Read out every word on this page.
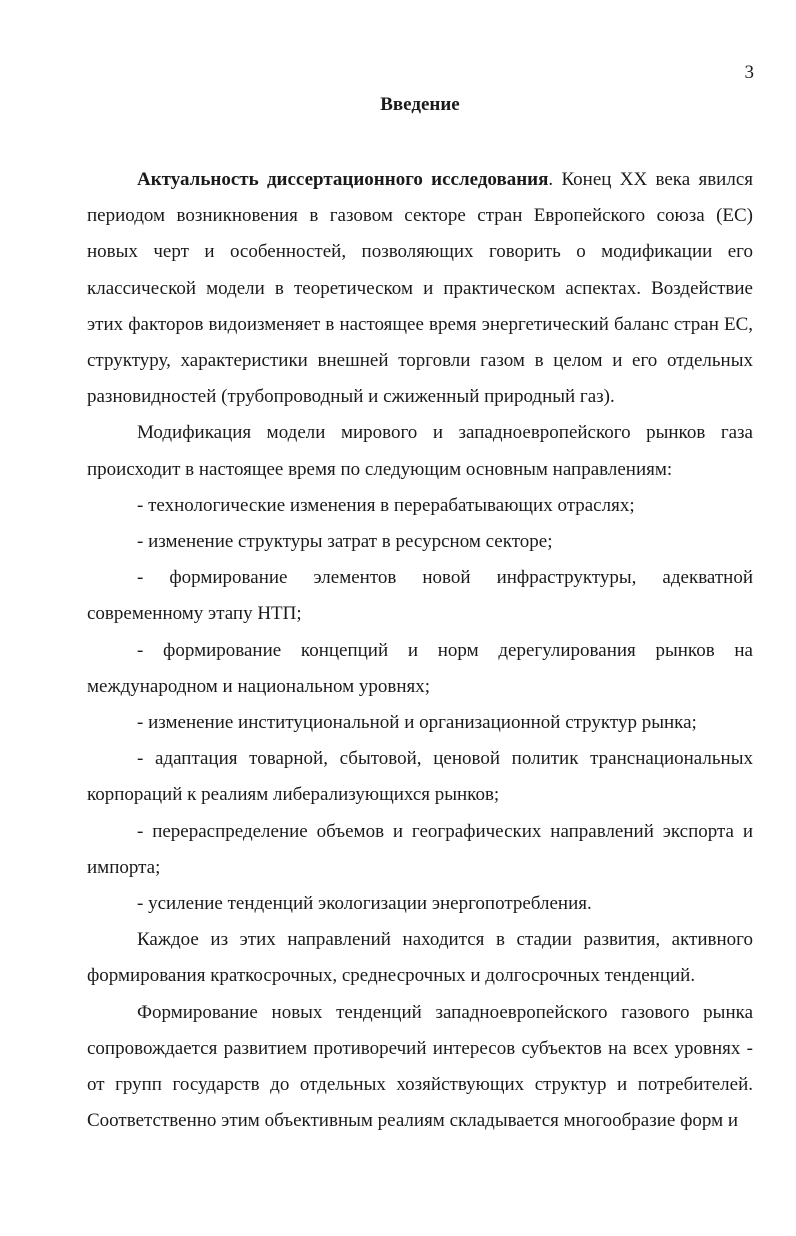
3
Введение

Актуальность диссертационного исследования. Конец XX века явился периодом возникновения в газовом секторе стран Европейского союза (ЕС) новых черт и особенностей, позволяющих говорить о модификации его классической модели в теоретическом и практическом аспектах. Воздействие этих факторов видоизменяет в настоящее время энергетический баланс стран ЕС, структуру, характеристики внешней торговли газом в целом и его отдельных разновидностей (трубопроводный и сжиженный природный газ).

Модификация модели мирового и западноевропейского рынков газа происходит в настоящее время по следующим основным направлениям:

- технологические изменения в перерабатывающих отраслях;

- изменение структуры затрат в ресурсном секторе;

- формирование элементов новой инфраструктуры, адекватной современному этапу НТП;

- формирование концепций и норм дерегулирования рынков на международном и национальном уровнях;

- изменение институциональной и организационной структур рынка;

- адаптация товарной, сбытовой, ценовой политик транснациональных корпораций к реалиям либерализующихся рынков;

- перераспределение объемов и географических направлений экспорта и импорта;

- усиление тенденций экологизации энергопотребления.

Каждое из этих направлений находится в стадии развития, активного формирования краткосрочных, среднесрочных и долгосрочных тенденций.

Формирование новых тенденций западноевропейского газового рынка сопровождается развитием противоречий интересов субъектов на всех уровнях - от групп государств до отдельных хозяйствующих структур и потребителей. Соответственно этим объективным реалиям складывается многообразие форм и
